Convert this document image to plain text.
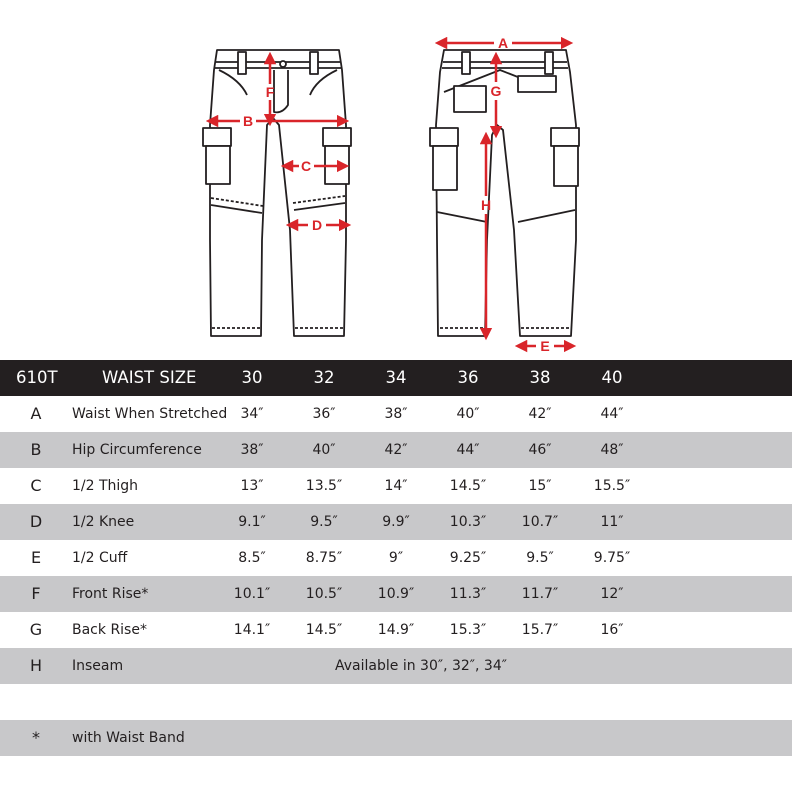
B
F
C
D
A
G
H
E
610T	WAIST SIZE	30	32	34	36	38	40
A	Waist When Stretched 34″	36″	38″	40″	42″	44″
B	Hip Circumference	38″	40″	42″	44″	46″	48″
C	1/2 Thigh	13″	13.5″	14″	14.5″	15″	15.5″
D	1/2 Knee	9.1″	9.5″	9.9″	10.3″	10.7″	11″
E	1/2 Cuff	8.5″	8.75″	9″	9.25″	9.5″	9.75″
F	Front Rise*	10.1″	10.5″	10.9″	11.3″	11.7″	12″
G	Back Rise*	14.1″	14.5″	14.9″	15.3″	15.7″	16″
H	Inseam	Available in 30″, 32″, 34″
*	with Waist Band
